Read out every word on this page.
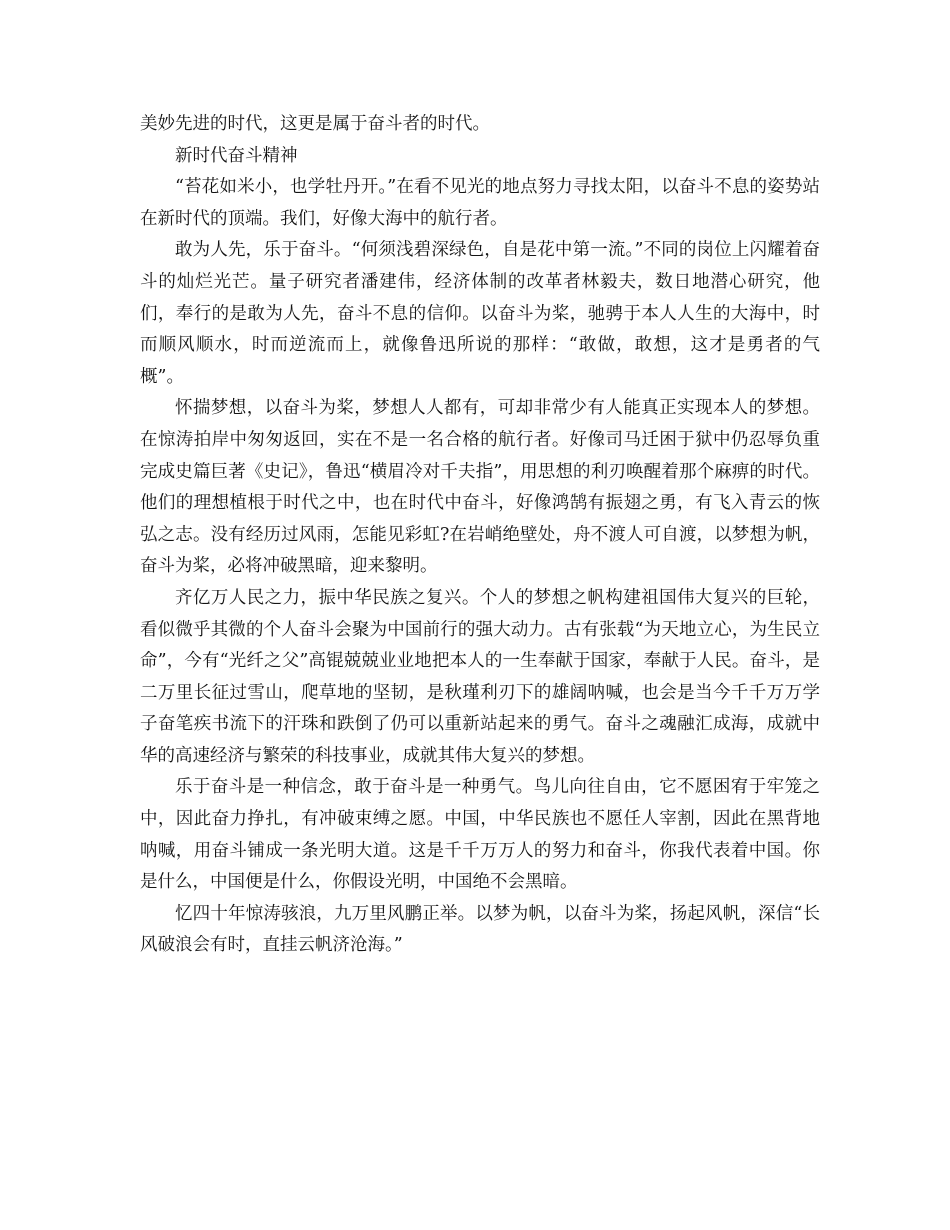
美妙先进的时代，这更是属于奋斗者的时代。

新时代奋斗精神

“苔花如米小，也学牡丹开。”在看不见光的地点努力寻找太阳，以奋斗不息的姿势站在新时代的顶端。我们，好像大海中的航行者。

敢为人先，乐于奋斗。“何须浅碧深绿色，自是花中第一流。”不同的岗位上闪耀着奋斗的灿烂光芒。量子研究者潘建伟，经济体制的改革者林毅夫，数日地潜心研究，他们，奉行的是敢为人先，奋斗不息的信仰。以奋斗为桨，驰骋于本人人生的大海中，时而顺风顺水，时而逆流而上，就像鲁迅所说的那样：“敢做，敢想，这才是勇者的气概”。

怀揣梦想，以奋斗为桨，梦想人人都有，可却非常少有人能真正实现本人的梦想。在惊涛拍岸中匆匆返回，实在不是一名合格的航行者。好像司马迁困于狱中仍忍辱负重完成史篇巨著《史记》，鲁迅“横眉冷对千夫指”，用思想的利刃唤醒着那个麻痹的时代。他们的理想植根于时代之中，也在时代中奋斗，好像鸿鹄有振翅之勇，有飞入青云的恢弘之志。没有经历过风雨，怎能见彩虹?在岩峭绝壁处，舟不渡人可自渡，以梦想为帆，奋斗为桨，必将冲破黑暗，迎来黎明。

齐亿万人民之力，振中华民族之复兴。个人的梦想之帆构建祖国伟大复兴的巨轮，看似微乎其微的个人奋斗会聚为中国前行的强大动力。古有张载“为天地立心，为生民立命”，今有“光纤之父”高锟兢兢业业地把本人的一生奉献于国家，奉献于人民。奋斗，是二万里长征过雪山，爬草地的坚韧，是秋瑾利刃下的雄阔呐喊，也会是当今千千万万学子奋笔疾书流下的汗珠和跌倒了仍可以重新站起来的勇气。奋斗之魂融汇成海，成就中华的高速经济与繁荣的科技事业，成就其伟大复兴的梦想。

乐于奋斗是一种信念，敢于奋斗是一种勇气。鸟儿向往自由，它不愿困宥于牢笼之中，因此奋力挣扎，有冲破束缚之愿。中国，中华民族也不愿任人宰割，因此在黑背地呐喊，用奋斗铺成一条光明大道。这是千千万万人的努力和奋斗，你我代表着中国。你是什么，中国便是什么，你假设光明，中国绝不会黑暗。

忆四十年惊涛骇浪，九万里风鹏正举。以梦为帆，以奋斗为桨，扬起风帆，深信“长风破浪会有时，直挂云帆济沧海。”
